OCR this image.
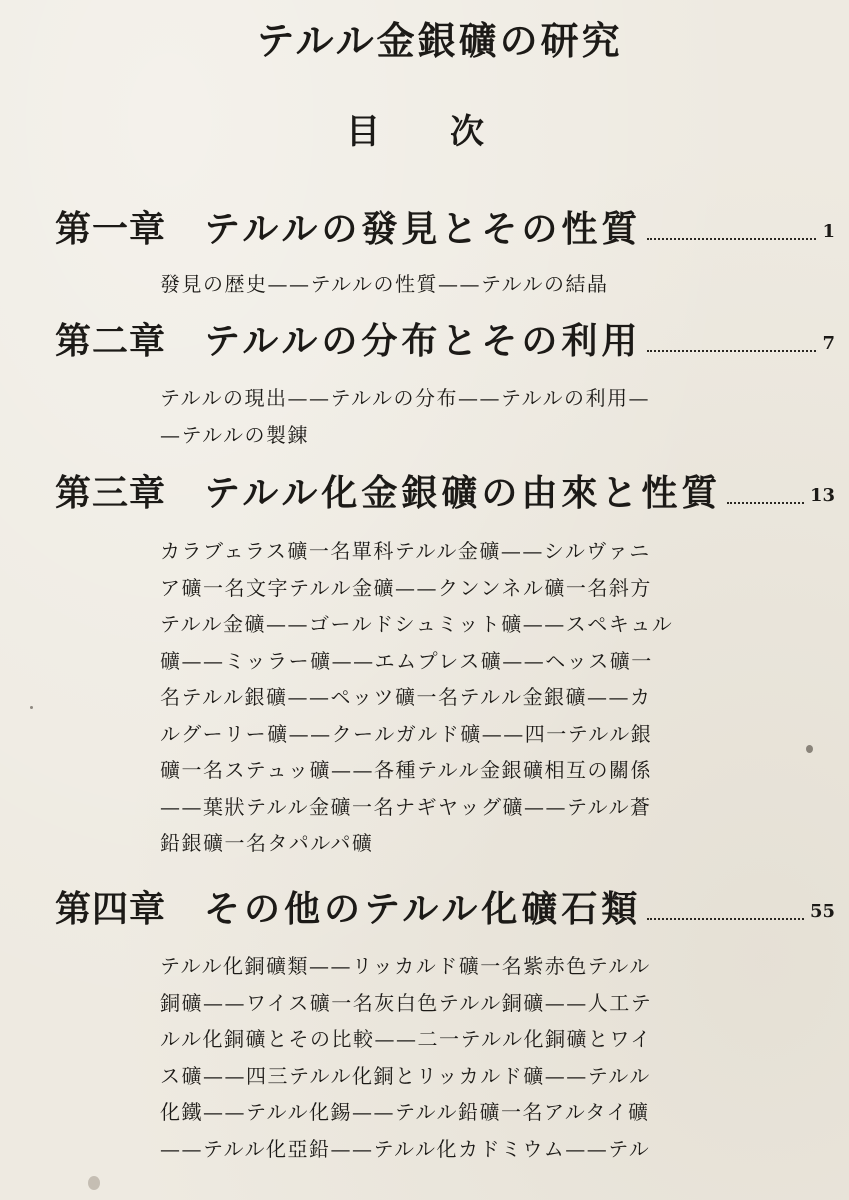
テルル金銀礦の研究
目次
第一章 テルルの發見とその性質	1
發見の歴史——テルルの性質——テルルの結晶
第二章 テルルの分布とその利用	7
テルルの現出——テルルの分布——テルルの利用—
—テルルの製錬
第三章 テルル化金銀礦の由來と性質	13
カラブェラス礦一名單科テルル金礦——シルヴァニ
ア礦一名文字テルル金礦——クンンネル礦一名斜方
テルル金礦——ゴールドシュミット礦——スペキュル
礦——ミッラー礦——エムプレス礦——ヘッス礦一
名テルル銀礦——ペッツ礦一名テルル金銀礦——カ
ルグーリー礦——クールガルド礦——四一テルル銀
礦一名ステュッ礦——各種テルル金銀礦相互の關係
——葉狀テルル金礦一名ナギヤッグ礦——テルル蒼
鉛銀礦一名タパルパ礦
第四章 その他のテルル化礦石類	55
テルル化銅礦類——リッカルド礦一名紫赤色テルル
銅礦——ワイス礦一名灰白色テルル銅礦——人工テ
ルル化銅礦とその比較——二一テルル化銅礦とワイ
ス礦——四三テルル化銅とリッカルド礦——テルル
化鐵——テルル化錫——テルル鉛礦一名アルタイ礦
——テルル化亞鉛——テルル化カドミウム——テル
